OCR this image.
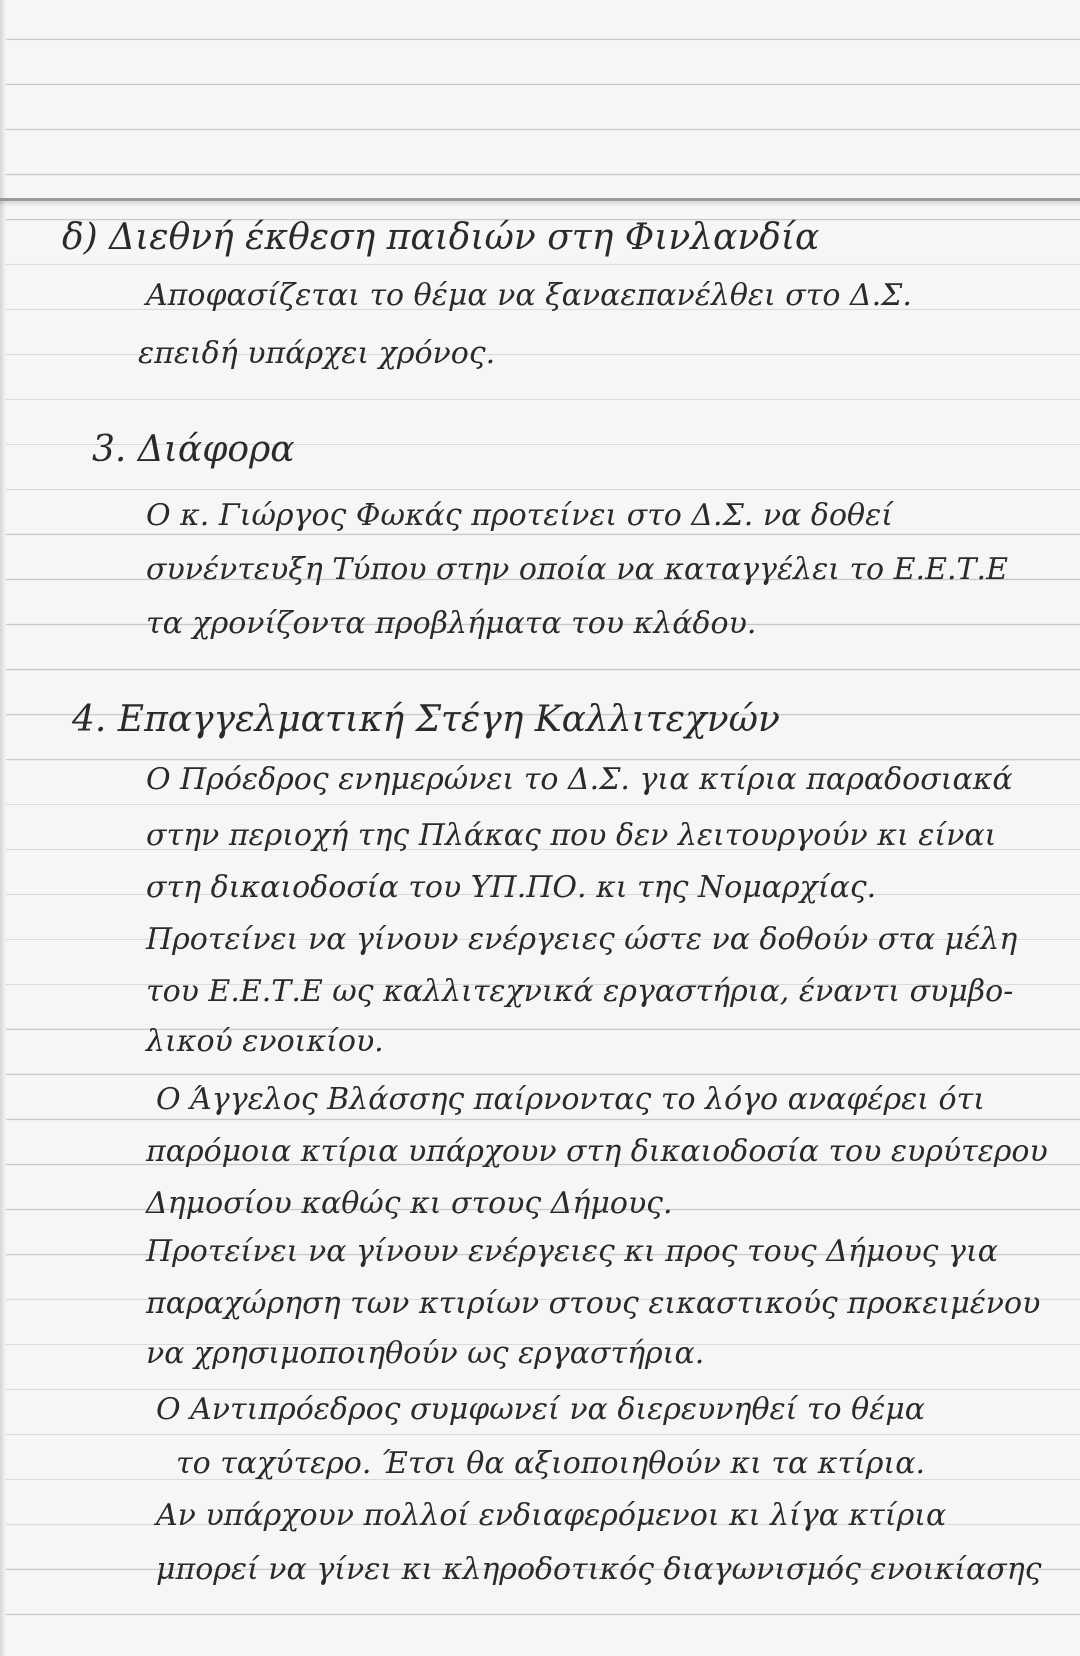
δ) Διεθνή έκθεση παιδιών στη Φινλανδία
Αποφασίζεται το θέμα να ξαναεπανέλθει στο Δ.Σ.
επειδή υπάρχει χρόνος.
3. Διάφορα
Ο κ. Γιώργος Φωκάς προτείνει στο Δ.Σ. να δοθεί
συνέντευξη Τύπου στην οποία να καταγγέλει το Ε.Ε.Τ.Ε
τα χρονίζοντα προβλήματα του κλάδου.
4. Επαγγελματική Στέγη Καλλιτεχνών
Ο Πρόεδρος ενημερώνει το Δ.Σ. για κτίρια παραδοσιακά
στην περιοχή της Πλάκας που δεν λειτουργούν κι είναι
στη δικαιοδοσία του ΥΠ.ΠΟ. κι της Νομαρχίας.
Προτείνει να γίνουν ενέργειες ώστε να δοθούν στα μέλη
του Ε.Ε.Τ.Ε ως καλλιτεχνικά εργαστήρια, έναντι συμβο-
λικού ενοικίου.
Ο Άγγελος Βλάσσης παίρνοντας το λόγο αναφέρει ότι
παρόμοια κτίρια υπάρχουν στη δικαιοδοσία του ευρύτερου
Δημοσίου καθώς κι στους Δήμους.
Προτείνει να γίνουν ενέργειες κι προς τους Δήμους για
παραχώρηση των κτιρίων στους εικαστικούς προκειμένου
να χρησιμοποιηθούν ως εργαστήρια.
Ο Αντιπρόεδρος συμφωνεί να διερευνηθεί το θέμα
το ταχύτερο. Έτσι θα αξιοποιηθούν κι τα κτίρια.
Αν υπάρχουν πολλοί ενδιαφερόμενοι κι λίγα κτίρια
μπορεί να γίνει κι κληροδοτικός διαγωνισμός ενοικίασης
